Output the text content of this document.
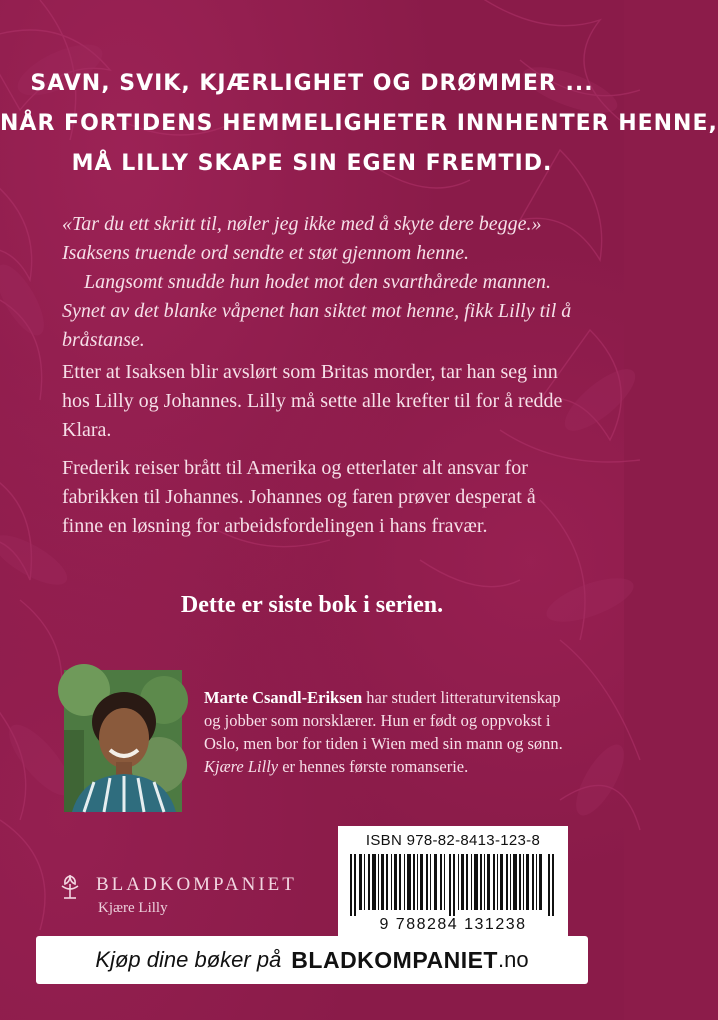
SAVN, SVIK, KJÆRLIGHET OG DRØMMER ...
NÅR FORTIDENS HEMMELIGHETER INNHENTER HENNE,
MÅ LILLY SKAPE SIN EGEN FREMTID.

«Tar du ett skritt til, nøler jeg ikke med å skyte dere begge.» Isaksens truende ord sendte et støt gjennom henne.

Langsomt snudde hun hodet mot den svarthårede mannen. Synet av det blanke våpenet han siktet mot henne, fikk Lilly til å bråstanse.

Etter at Isaksen blir avslørt som Britas morder, tar han seg inn hos Lilly og Johannes. Lilly må sette alle krefter til for å redde Klara.
Frederik reiser brått til Amerika og etterlater alt ansvar for fabrikken til Johannes. Johannes og faren prøver desperat å finne en løsning for arbeidsfordelingen i hans fravær.
Dette er siste bok i serien.
Marte Csandl-Eriksen har studert litteraturvitenskap og jobber som norsklærer. Hun er født og oppvokst i Oslo, men bor for tiden i Wien med sin mann og sønn. Kjære Lilly er hennes første romanserie.
ISBN 978-82-8413-123-8
9 788284 131238
BLADKOMPANIET
Kjære Lilly
Kjøp dine bøker på BLADKOMPANIET .no
